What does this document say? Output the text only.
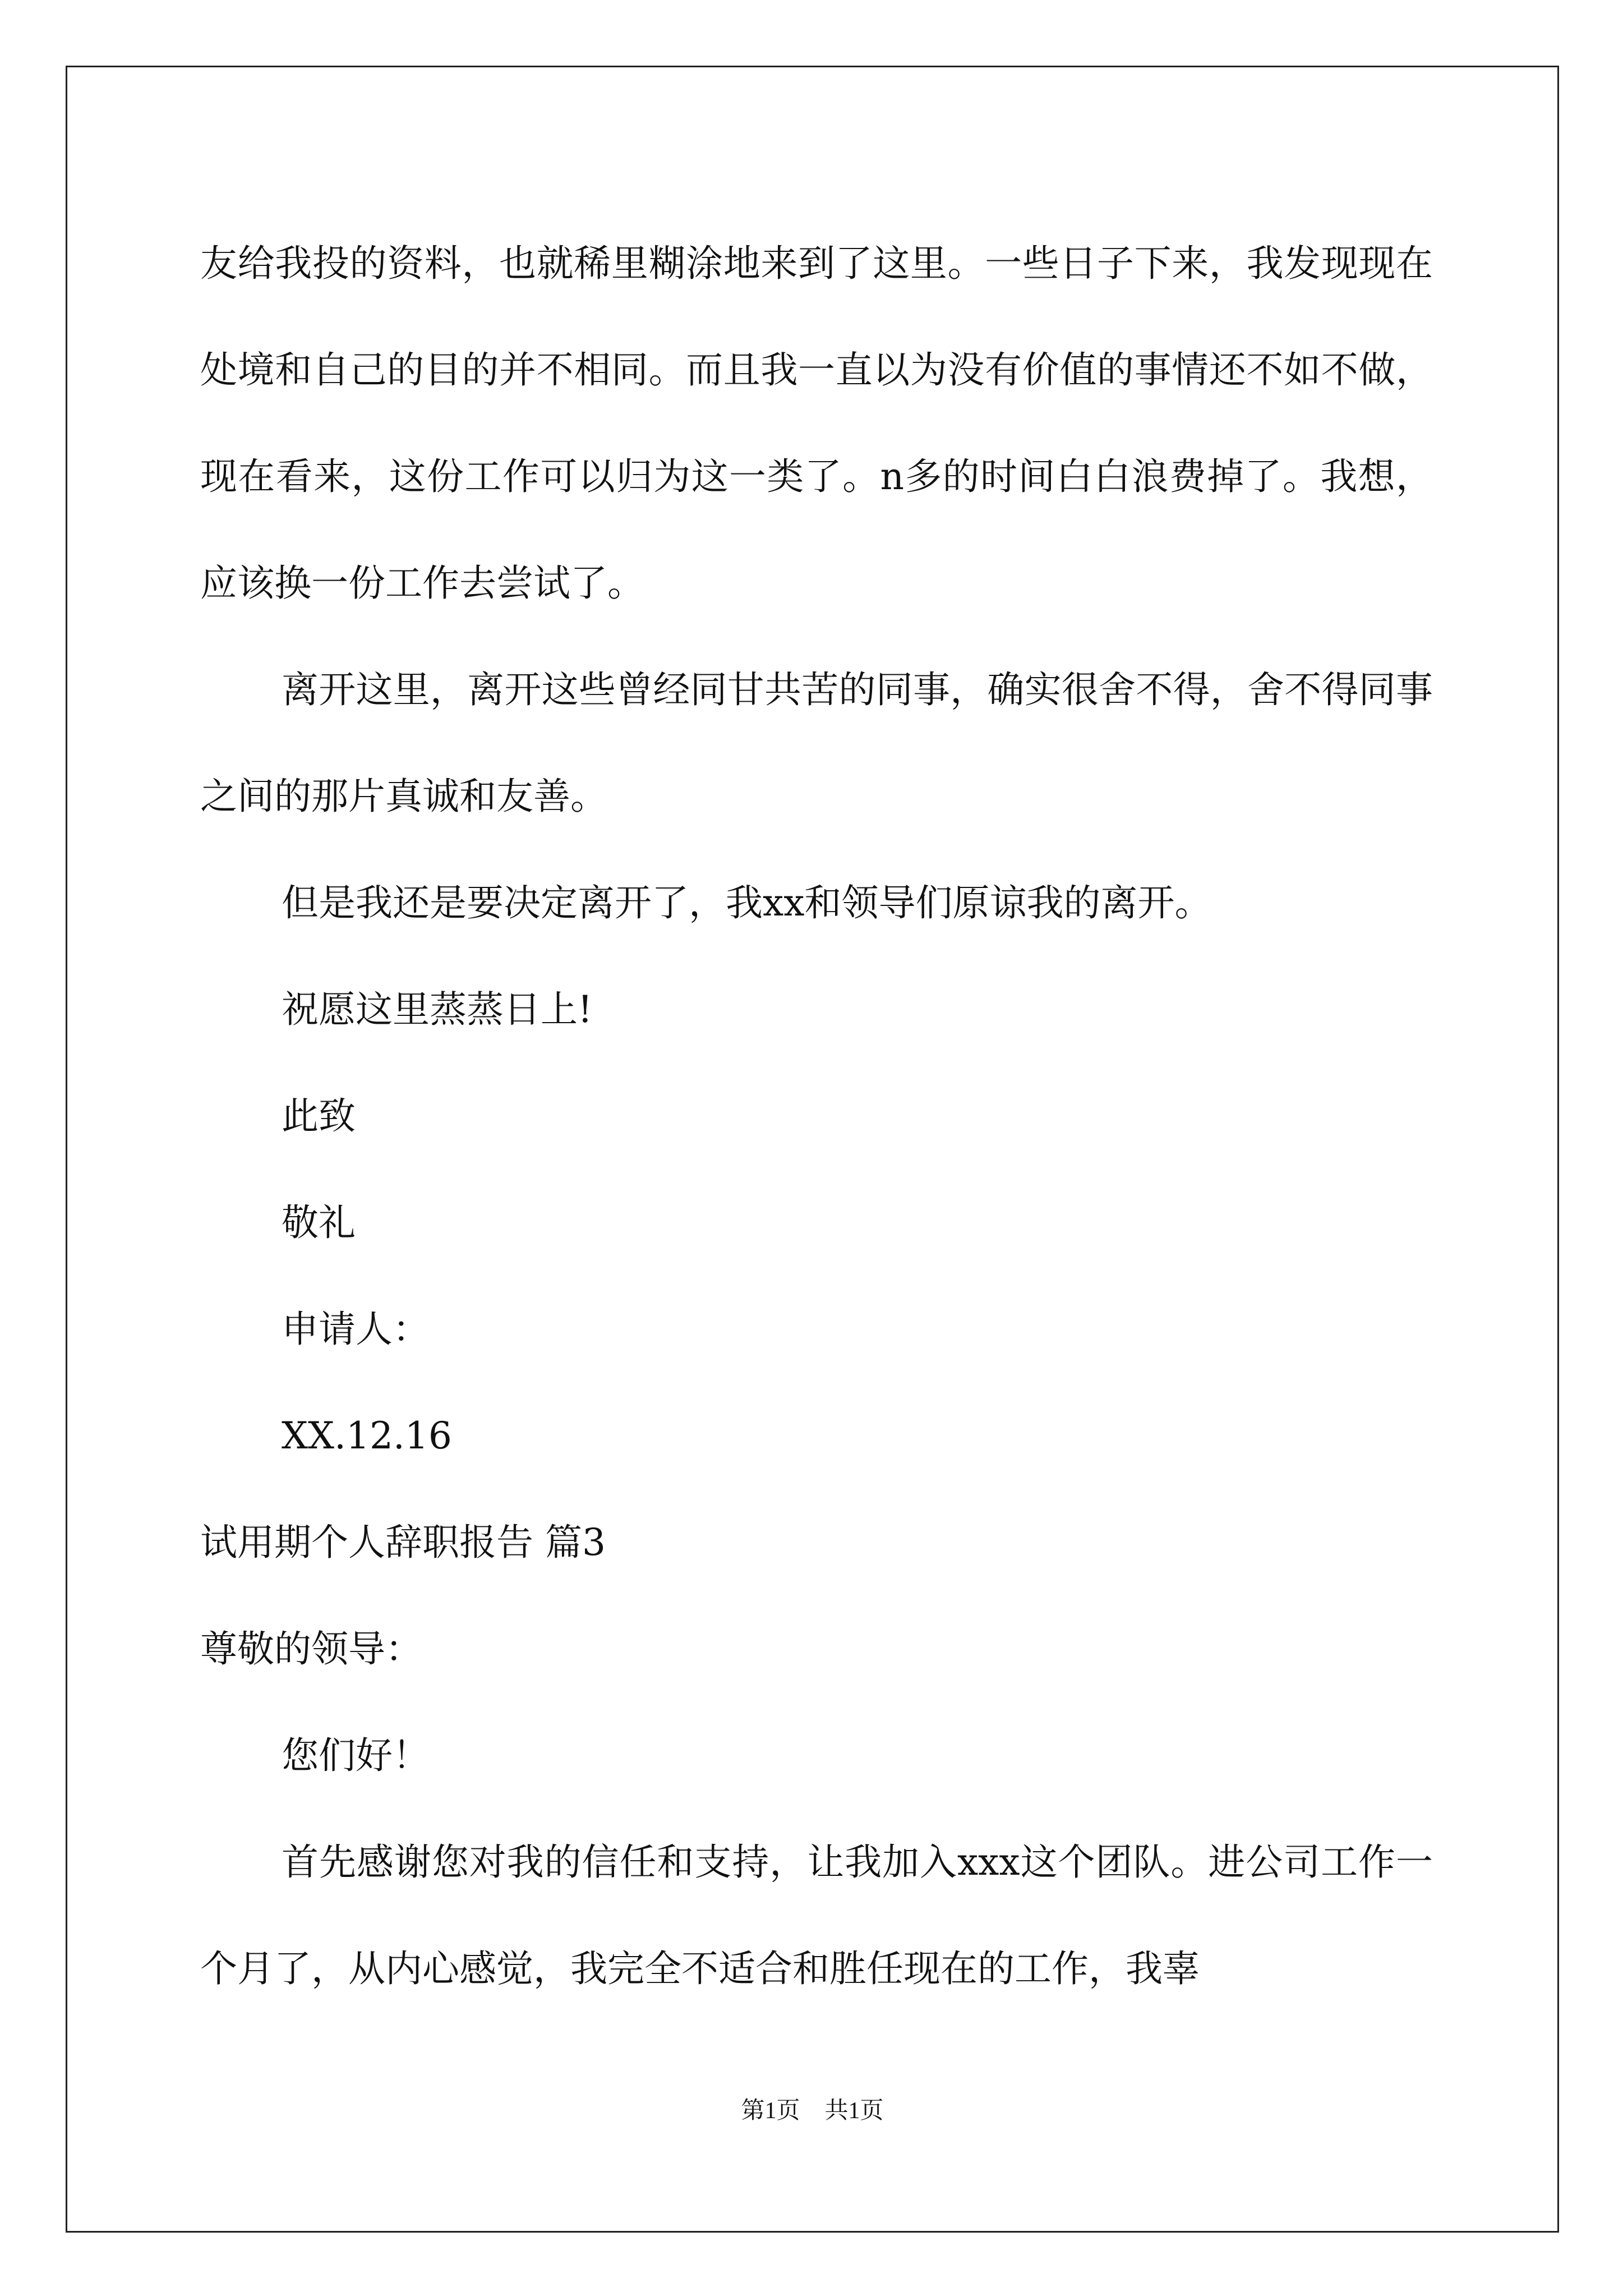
友给我投的资料，也就稀里糊涂地来到了这里。一些日子下来，我发现现在处境和自己的目的并不相同。而且我一直以为没有价值的事情还不如不做，现在看来，这份工作可以归为这一类了。n多的时间白白浪费掉了。我想，应该换一份工作去尝试了。

离开这里，离开这些曾经同甘共苦的同事，确实很舍不得，舍不得同事之间的那片真诚和友善。

但是我还是要决定离开了，我xx和领导们原谅我的离开。

祝愿这里蒸蒸日上!

此致

敬礼

申请人：

XX.12.16

试用期个人辞职报告 篇3

尊敬的领导：

您们好！

首先感谢您对我的信任和支持，让我加入xxx这个团队。进公司工作一个月了，从内心感觉，我完全不适合和胜任现在的工作，我辜

第1页 共1页
